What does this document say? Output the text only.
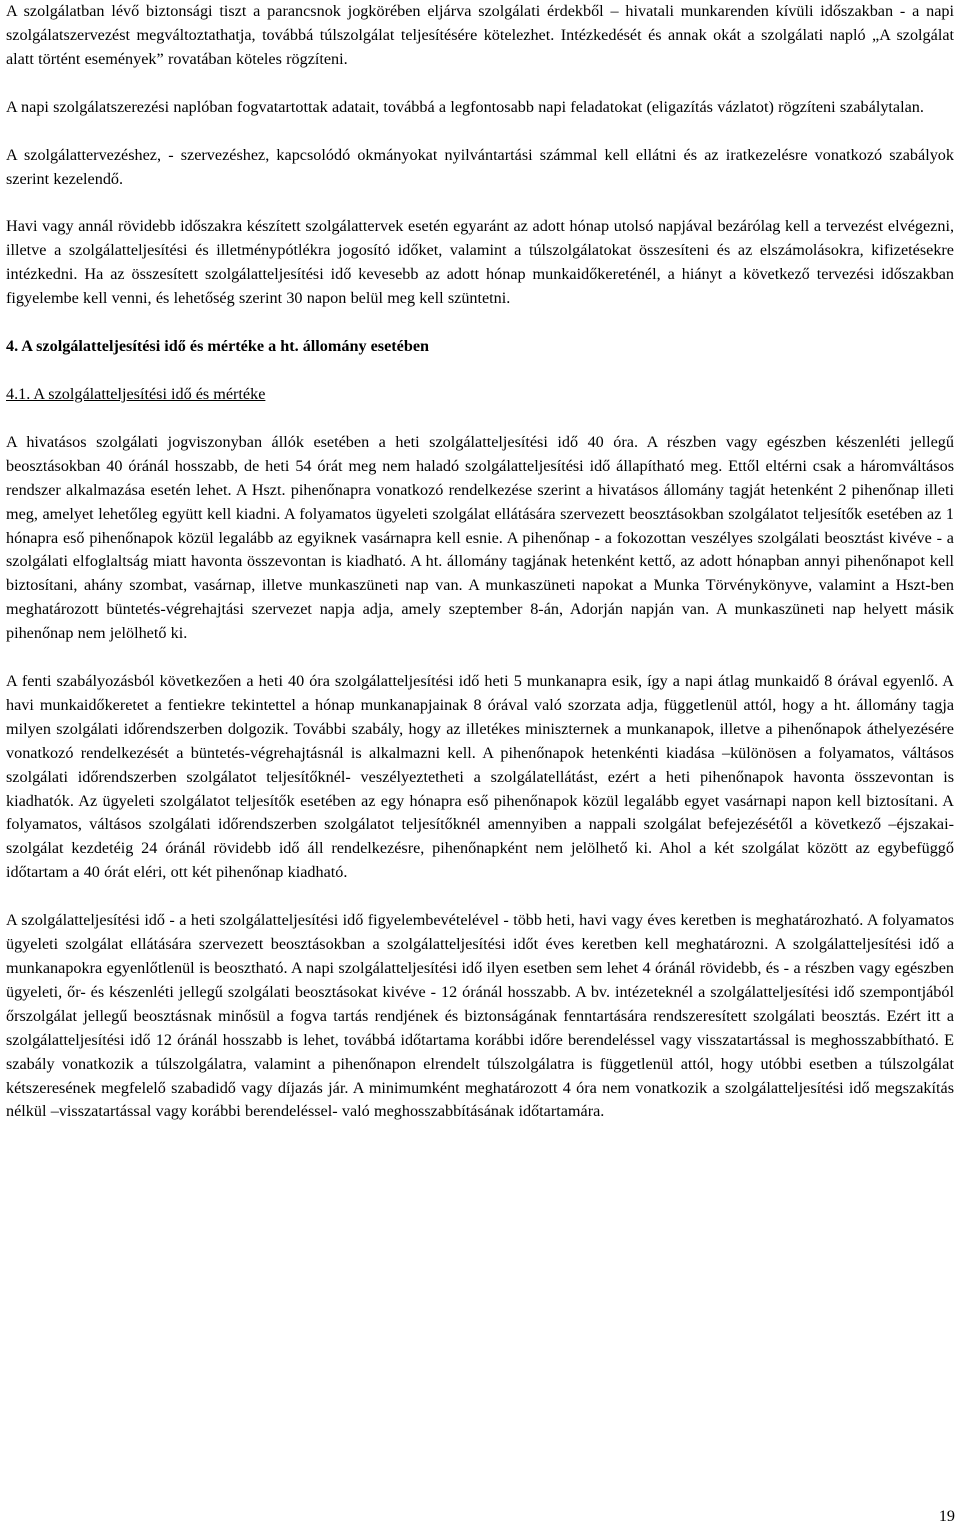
A szolgálatban lévő biztonsági tiszt a parancsnok jogkörében eljárva szolgálati érdekből – hivatali munkarenden kívüli időszakban - a napi szolgálatszervezést megváltoztathatja, továbbá túlszolgálat teljesítésére kötelezhet. Intézkedését és annak okát a szolgálati napló „A szolgálat alatt történt események” rovatában köteles rögzíteni.

A napi szolgálatszerezési naplóban fogvatartottak adatait, továbbá a legfontosabb napi feladatokat (eligazítás vázlatot) rögzíteni szabálytalan.

A szolgálattervezéshez, - szervezéshez, kapcsolódó okmányokat nyilvántartási számmal kell ellátni és az iratkezelésre vonatkozó szabályok szerint kezelendő.

Havi vagy annál rövidebb időszakra készített szolgálattervek esetén egyaránt az adott hónap utolsó napjával bezárólag kell a tervezést elvégezni, illetve a szolgálatteljesítési és illetménypótlékra jogosító időket, valamint a túlszolgálatokat összesíteni és az elszámolásokra, kifizetésekre intézkedni. Ha az összesített szolgálatteljesítési idő kevesebb az adott hónap munkaidőkereténél, a hiányt a következő tervezési időszakban figyelembe kell venni, és lehetőség szerint 30 napon belül meg kell szüntetni.

4. A szolgálatteljesítési idő és mértéke a ht. állomány esetében
4.1. A szolgálatteljesítési idő és mértéke

A hivatásos szolgálati jogviszonyban állók esetében a heti szolgálatteljesítési idő 40 óra. A részben vagy egészben készenléti jellegű beosztásokban 40 óránál hosszabb, de heti 54 órát meg nem haladó szolgálatteljesítési idő állapítható meg. Ettől eltérni csak a háromváltásos rendszer alkalmazása esetén lehet. A Hszt. pihenőnapra vonatkozó rendelkezése szerint a hivatásos állomány tagját hetenként 2 pihenőnap illeti meg, amelyet lehetőleg együtt kell kiadni. A folyamatos ügyeleti szolgálat ellátására szervezett beosztásokban szolgálatot teljesítők esetében az 1 hónapra eső pihenőnapok közül legalább az egyiknek vasárnapra kell esnie. A pihenőnap - a fokozottan veszélyes szolgálati beosztást kivéve - a szolgálati elfoglaltság miatt havonta összevontan is kiadható. A ht. állomány tagjának hetenként kettő, az adott hónapban annyi pihenőnapot kell biztosítani, ahány szombat, vasárnap, illetve munkaszüneti nap van. A munkaszüneti napokat a Munka Törvénykönyve, valamint a Hszt-ben meghatározott büntetés-végrehajtási szervezet napja adja, amely szeptember 8-án, Adorján napján van. A munkaszüneti nap helyett másik pihenőnap nem jelölhető ki.

A fenti szabályozásból következően a heti 40 óra szolgálatteljesítési idő heti 5 munkanapra esik, így a napi átlag munkaidő 8 órával egyenlő. A havi munkaidőkeretet a fentiekre tekintettel a hónap munkanapjainak 8 órával való szorzata adja, függetlenül attól, hogy a ht. állomány tagja milyen szolgálati időrendszerben dolgozik. További szabály, hogy az illetékes miniszternek a munkanapok, illetve a pihenőnapok áthelyezésére vonatkozó rendelkezését a büntetés-végrehajtásnál is alkalmazni kell. A pihenőnapok hetenkénti kiadása –különösen a folyamatos, váltásos szolgálati időrendszerben szolgálatot teljesítőknél- veszélyeztetheti a szolgálatellátást, ezért a heti pihenőnapok havonta összevontan is kiadhatók. Az ügyeleti szolgálatot teljesítők esetében az egy hónapra eső pihenőnapok közül legalább egyet vasárnapi napon kell biztosítani. A folyamatos, váltásos szolgálati időrendszerben szolgálatot teljesítőknél amennyiben a nappali szolgálat befejezésétől a következő –éjszakai- szolgálat kezdetéig 24 óránál rövidebb idő áll rendelkezésre, pihenőnapként nem jelölhető ki. Ahol a két szolgálat között az egybefüggő időtartam a 40 órát eléri, ott két pihenőnap kiadható.

A szolgálatteljesítési idő - a heti szolgálatteljesítési idő figyelembevételével - több heti, havi vagy éves keretben is meghatározható. A folyamatos ügyeleti szolgálat ellátására szervezett beosztásokban a szolgálatteljesítési időt éves keretben kell meghatározni. A szolgálatteljesítési idő a munkanapokra egyenlőtlenül is beosztható. A napi szolgálatteljesítési idő ilyen esetben sem lehet 4 óránál rövidebb, és - a részben vagy egészben ügyeleti, őr- és készenléti jellegű szolgálati beosztásokat kivéve - 12 óránál hosszabb. A bv. intézeteknél a szolgálatteljesítési idő szempontjából őrszolgálat jellegű beosztásnak minősül a fogva tartás rendjének és biztonságának fenntartására rendszeresített szolgálati beosztás. Ezért itt a szolgálatteljesítési idő 12 óránál hosszabb is lehet, továbbá időtartama korábbi időre berendeléssel vagy visszatartással is meghosszabbítható. E szabály vonatkozik a túlszolgálatra, valamint a pihenőnapon elrendelt túlszolgálatra is függetlenül attól, hogy utóbbi esetben a túlszolgálat kétszeresének megfelelő szabadidő vagy díjazás jár. A minimumként meghatározott 4 óra nem vonatkozik a szolgálatteljesítési idő megszakítás nélkül –visszatartással vagy korábbi berendeléssel- való meghosszabbításának időtartamára.

19
